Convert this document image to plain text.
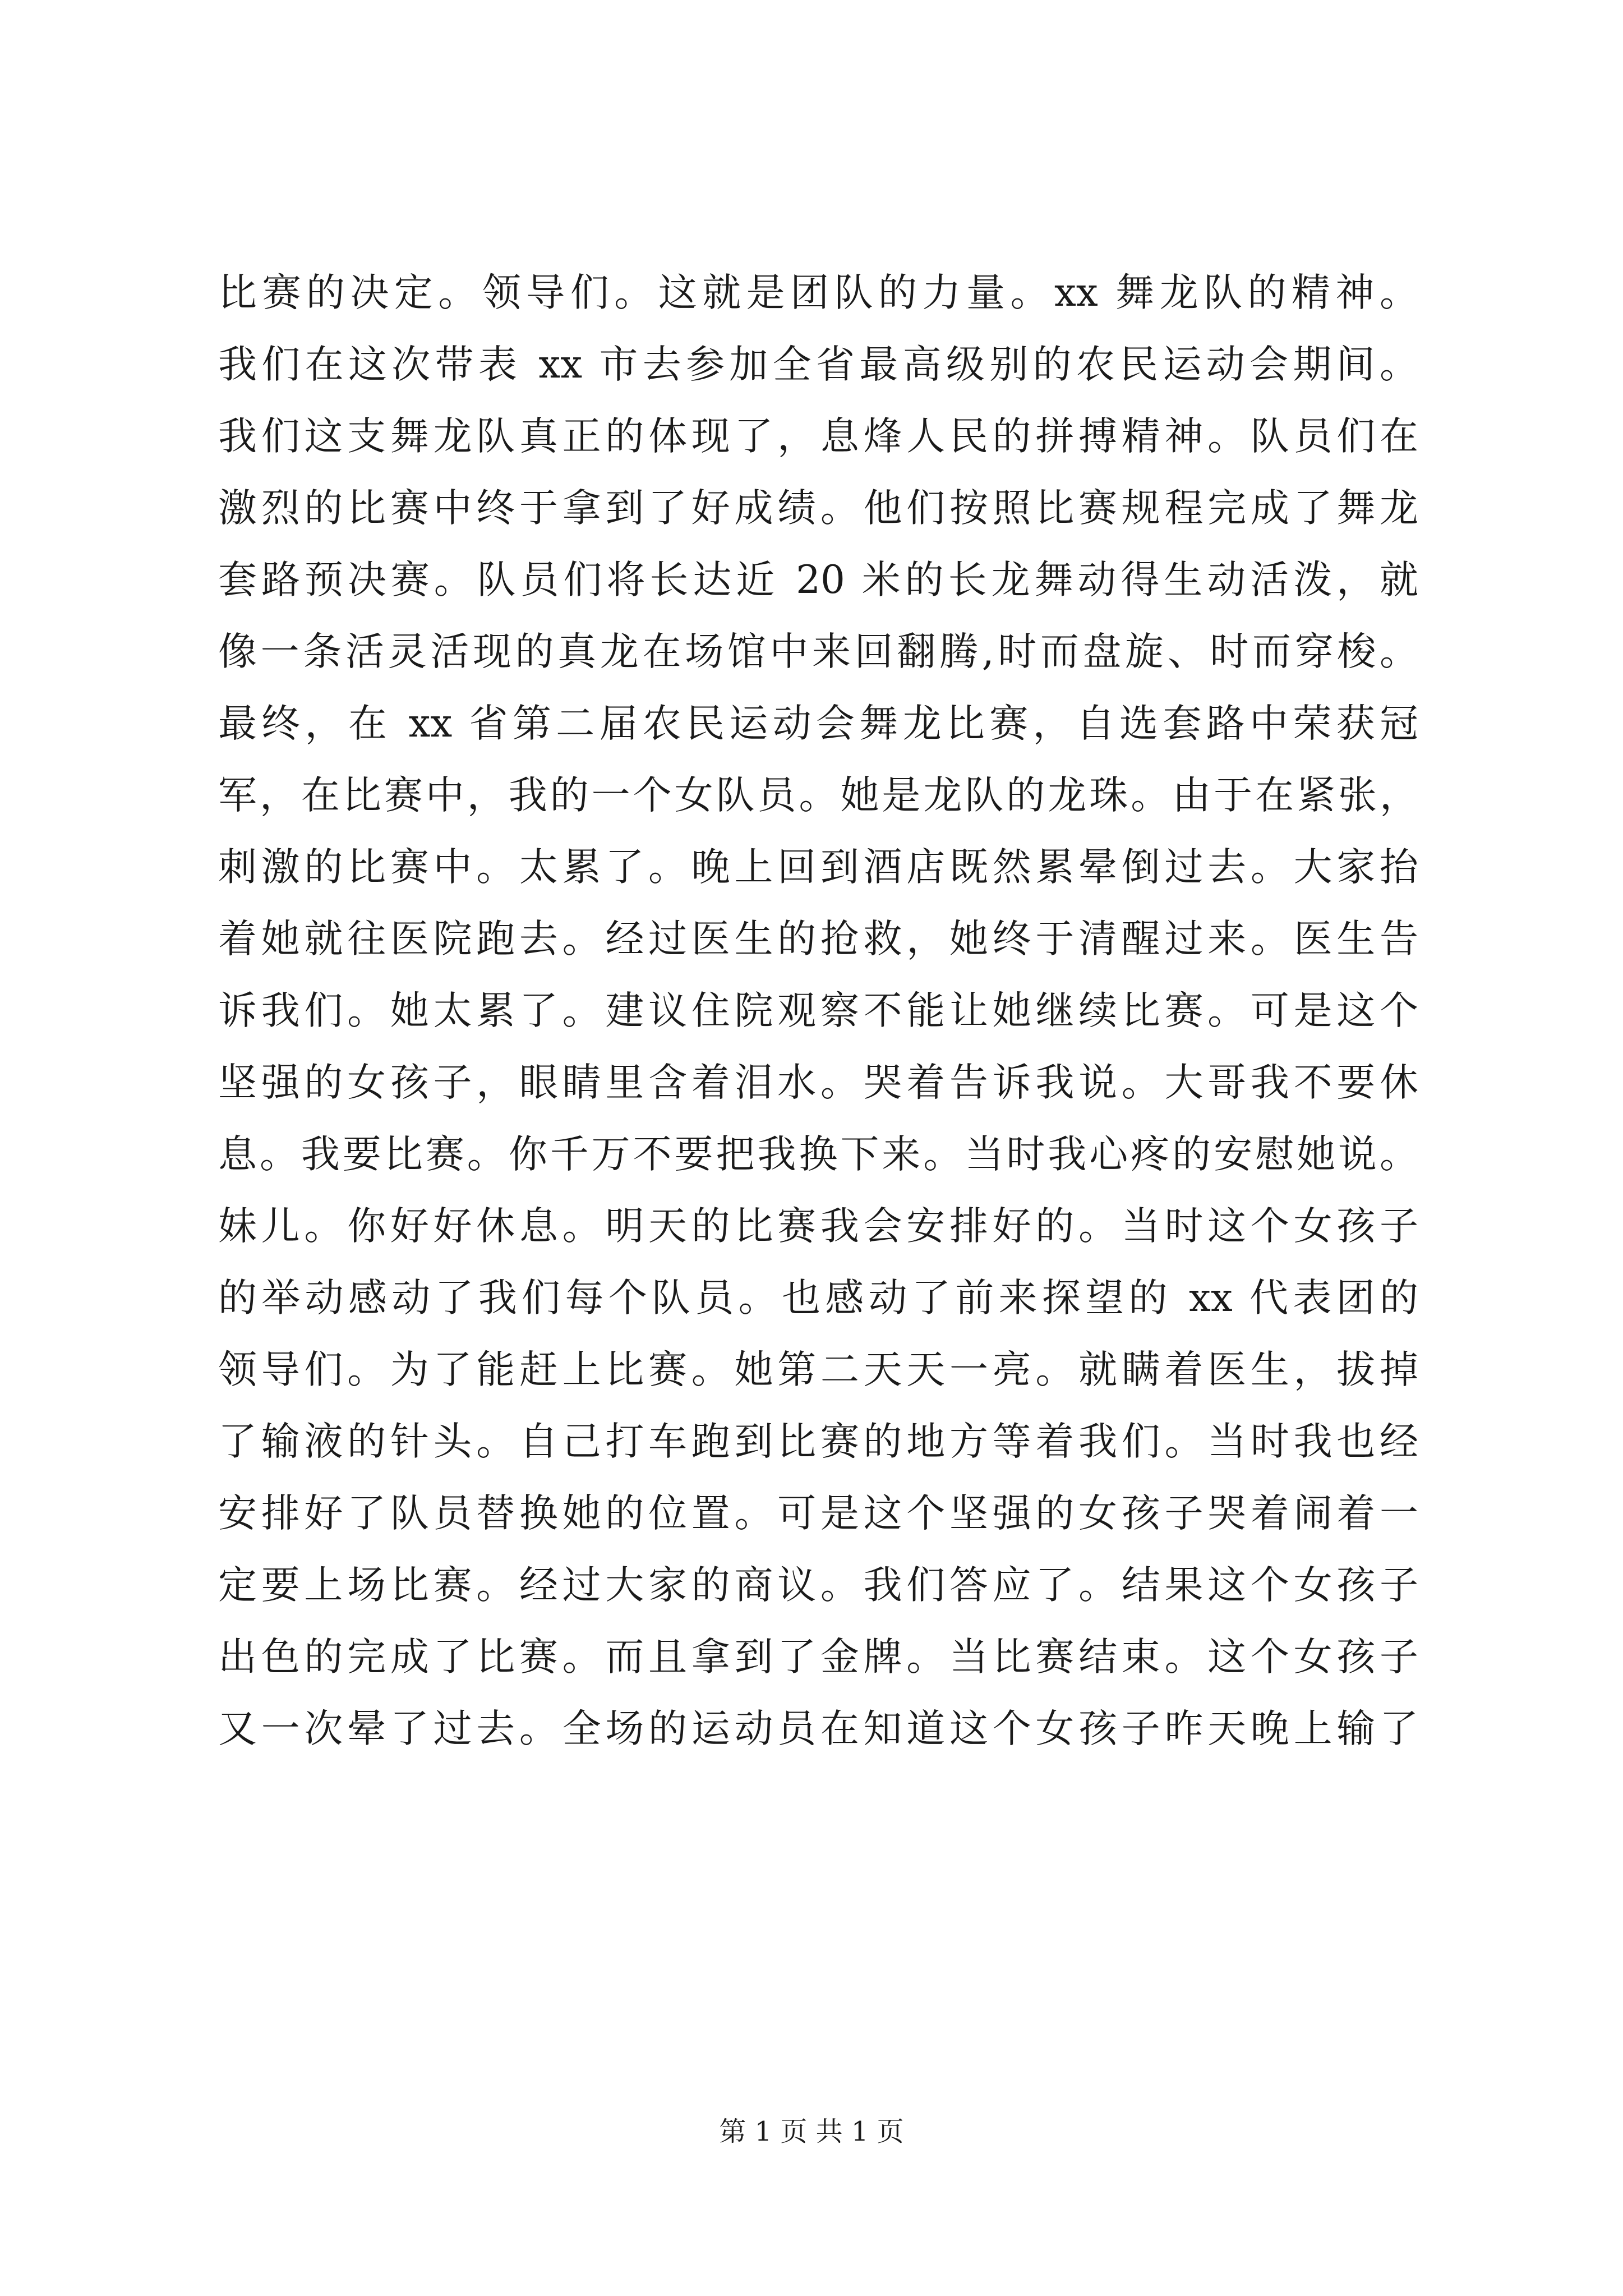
比赛的决定。领导们。这就是团队的力量。xx 舞龙队的精神。
我们在这次带表 xx 市去参加全省最高级别的农民运动会期间。
我们这支舞龙队真正的体现了，息烽人民的拼搏精神。队员们在
激烈的比赛中终于拿到了好成绩。他们按照比赛规程完成了舞龙
套路预决赛。队员们将长达近 20 米的长龙舞动得生动活泼，就
像一条活灵活现的真龙在场馆中来回翻腾,时而盘旋、时而穿梭。
最终，在 xx 省第二届农民运动会舞龙比赛，自选套路中荣获冠
军，在比赛中，我的一个女队员。她是龙队的龙珠。由于在紧张，
刺激的比赛中。太累了。晚上回到酒店既然累晕倒过去。大家抬
着她就往医院跑去。经过医生的抢救，她终于清醒过来。医生告
诉我们。她太累了。建议住院观察不能让她继续比赛。可是这个
坚强的女孩子，眼睛里含着泪水。哭着告诉我说。大哥我不要休
息。我要比赛。你千万不要把我换下来。当时我心疼的安慰她说。
妹儿。你好好休息。明天的比赛我会安排好的。当时这个女孩子
的举动感动了我们每个队员。也感动了前来探望的 xx 代表团的
领导们。为了能赶上比赛。她第二天天一亮。就瞒着医生，拔掉
了输液的针头。自己打车跑到比赛的地方等着我们。当时我也经
安排好了队员替换她的位置。可是这个坚强的女孩子哭着闹着一
定要上场比赛。经过大家的商议。我们答应了。结果这个女孩子
出色的完成了比赛。而且拿到了金牌。当比赛结束。这个女孩子
又一次晕了过去。全场的运动员在知道这个女孩子昨天晚上输了
第 1 页 共 1 页
